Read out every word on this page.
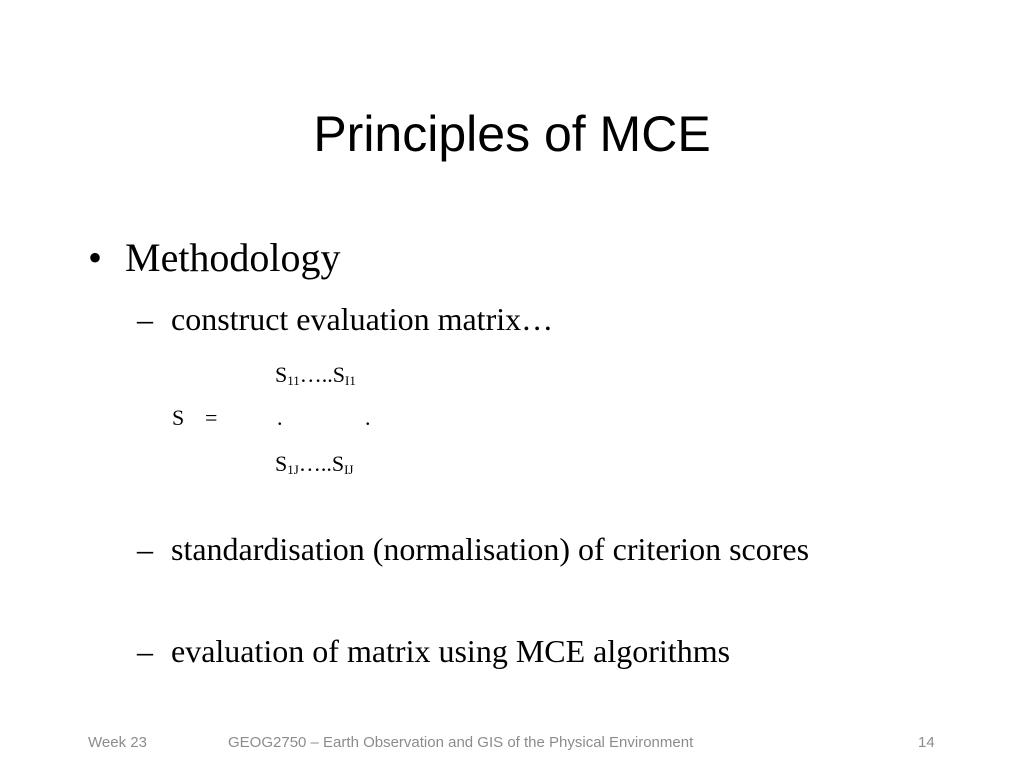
Principles of MCE
• Methodology
– construct evaluation matrix…
S =
$S_{11}\dots..S_{I1}$
.	.
$S_{1J}\dots..S_{IJ}$
– standardisation (normalisation) of criterion scores
– evaluation of matrix using MCE algorithms
Week 23	GEOG2750 – Earth Observation and GIS of the Physical Environment	14
